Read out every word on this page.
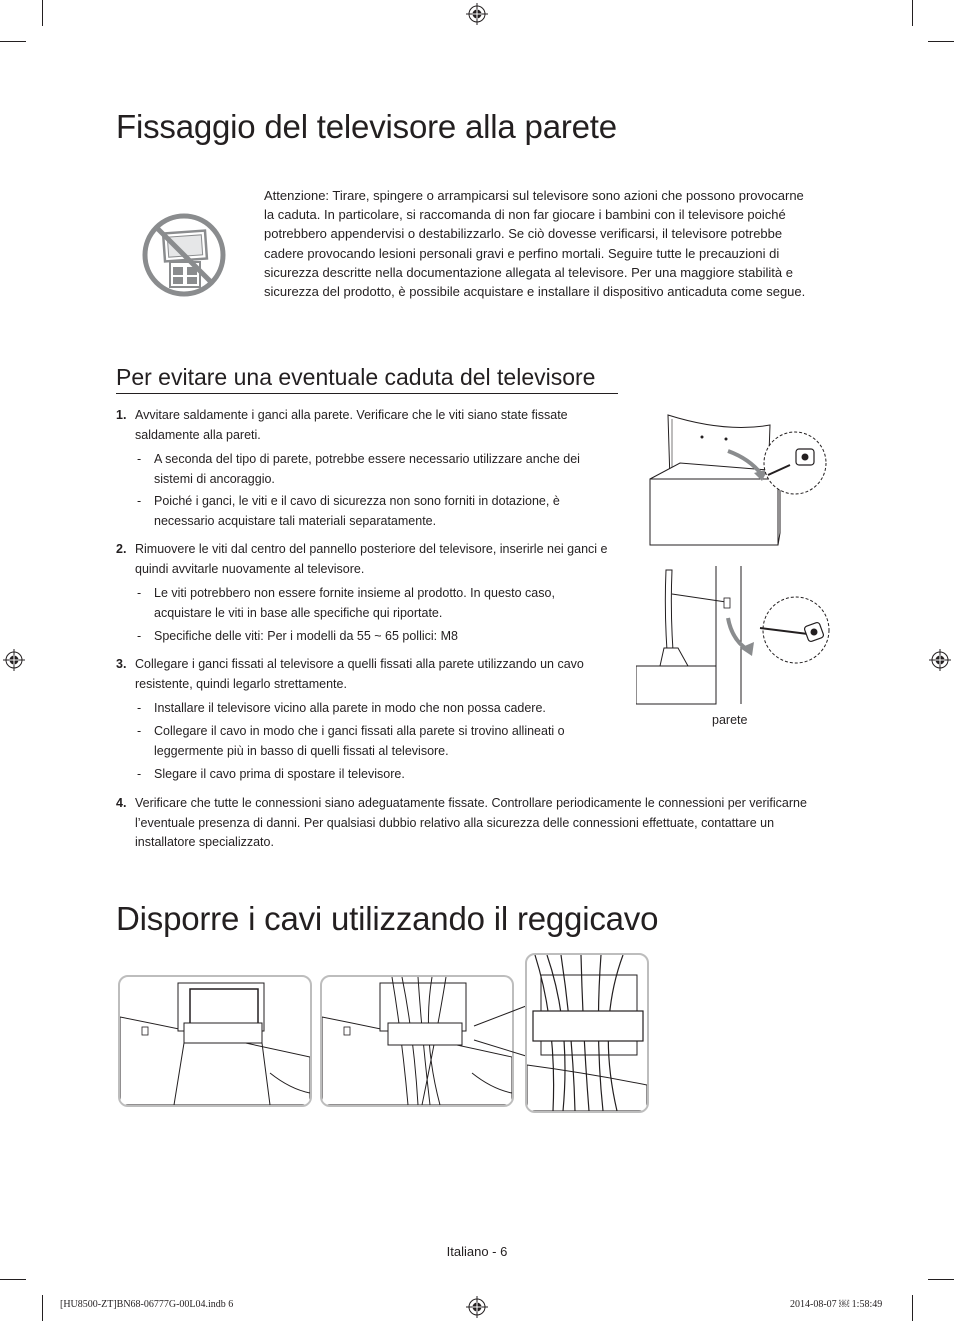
Fissaggio del televisore alla parete
Attenzione: Tirare, spingere o arrampicarsi sul televisore sono azioni che possono provocarne la caduta. In particolare, si raccomanda di non far giocare i bambini con il televisore poiché potrebbero appendervisi o destabilizzarlo. Se ciò dovesse verificarsi, il televisore potrebbe cadere provocando lesioni personali gravi e perfino mortali. Seguire tutte le precauzioni di sicurezza descritte nella documentazione allegata al televisore. Per una maggiore stabilità e sicurezza del prodotto, è possibile acquistare e installare il dispositivo anticaduta come segue.
Per evitare una eventuale caduta del televisore
1. Avvitare saldamente i ganci alla parete. Verificare che le viti siano state fissate saldamente alla pareti.
- A seconda del tipo di parete, potrebbe essere necessario utilizzare anche dei sistemi di ancoraggio.
- Poiché i ganci, le viti e il cavo di sicurezza non sono forniti in dotazione, è necessario acquistare tali materiali separatamente.
2. Rimuovere le viti dal centro del pannello posteriore del televisore, inserirle nei ganci e quindi avvitarle nuovamente al televisore.
- Le viti potrebbero non essere fornite insieme al prodotto. In questo caso, acquistare le viti in base alle specifiche qui riportate.
- Specifiche delle viti: Per i modelli da 55 ~ 65 pollici: M8
3. Collegare i ganci fissati al televisore a quelli fissati alla parete utilizzando un cavo resistente, quindi legarlo strettamente.
- Installare il televisore vicino alla parete in modo che non possa cadere.
- Collegare il cavo in modo che i ganci fissati alla parete si trovino allineati o leggermente più in basso di quelli fissati al televisore.
- Slegare il cavo prima di spostare il televisore.
4. Verificare che tutte le connessioni siano adeguatamente fissate. Controllare periodicamente le connessioni per verificarne l’eventuale presenza di danni. Per qualsiasi dubbio relativo alla sicurezza delle connessioni effettuate, contattare un installatore specializzato.
parete
Disporre i cavi utilizzando il reggicavo
Italiano - 6
[HU8500-ZT]BN68-06777G-00L04.indb 6	2014-08-07 ￼ 1:58:49
